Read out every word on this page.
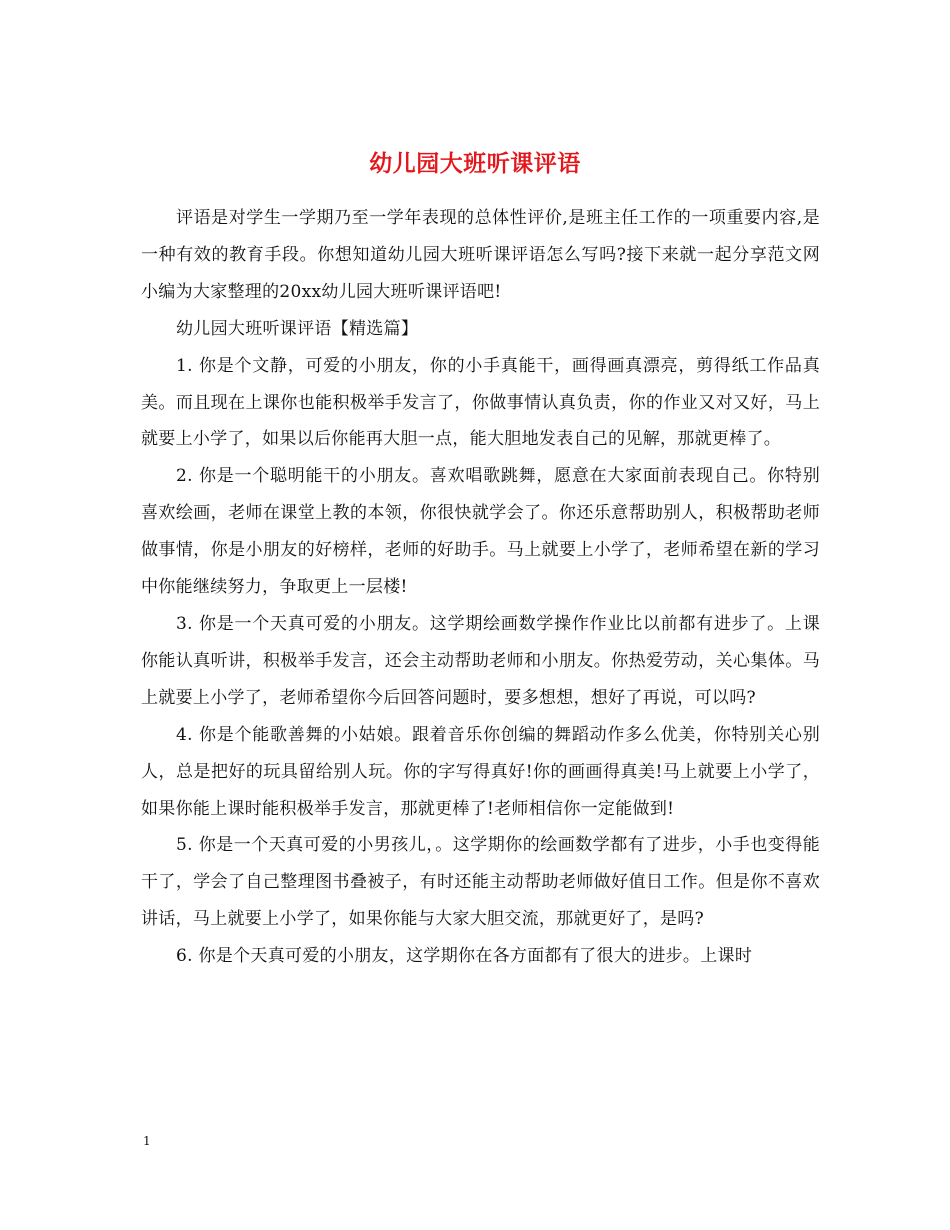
幼儿园大班听课评语

评语是对学生一学期乃至一学年表现的总体性评价,是班主任工作的一项重要内容,是一种有效的教育手段。你想知道幼儿园大班听课评语怎么写吗?接下来就一起分享范文网小编为大家整理的20xx幼儿园大班听课评语吧!

幼儿园大班听课评语【精选篇】

1. 你是个文静，可爱的小朋友，你的小手真能干，画得画真漂亮，剪得纸工作品真美。而且现在上课你也能积极举手发言了，你做事情认真负责，你的作业又对又好，马上就要上小学了，如果以后你能再大胆一点，能大胆地发表自己的见解，那就更棒了。

2. 你是一个聪明能干的小朋友。喜欢唱歌跳舞，愿意在大家面前表现自己。你特别喜欢绘画，老师在课堂上教的本领，你很快就学会了。你还乐意帮助别人，积极帮助老师做事情，你是小朋友的好榜样，老师的好助手。马上就要上小学了，老师希望在新的学习中你能继续努力，争取更上一层楼!

3. 你是一个天真可爱的小朋友。这学期绘画数学操作作业比以前都有进步了。上课你能认真听讲，积极举手发言，还会主动帮助老师和小朋友。你热爱劳动，关心集体。马上就要上小学了，老师希望你今后回答问题时，要多想想，想好了再说，可以吗?

4. 你是个能歌善舞的小姑娘。跟着音乐你创编的舞蹈动作多么优美，你特别关心别人，总是把好的玩具留给别人玩。你的字写得真好!你的画画得真美!马上就要上小学了，如果你能上课时能积极举手发言，那就更棒了!老师相信你一定能做到!

5. 你是一个天真可爱的小男孩儿，。这学期你的绘画数学都有了进步，小手也变得能干了，学会了自己整理图书叠被子，有时还能主动帮助老师做好值日工作。但是你不喜欢讲话，马上就要上小学了，如果你能与大家大胆交流，那就更好了，是吗?

6. 你是个天真可爱的小朋友，这学期你在各方面都有了很大的进步。上课时

1
